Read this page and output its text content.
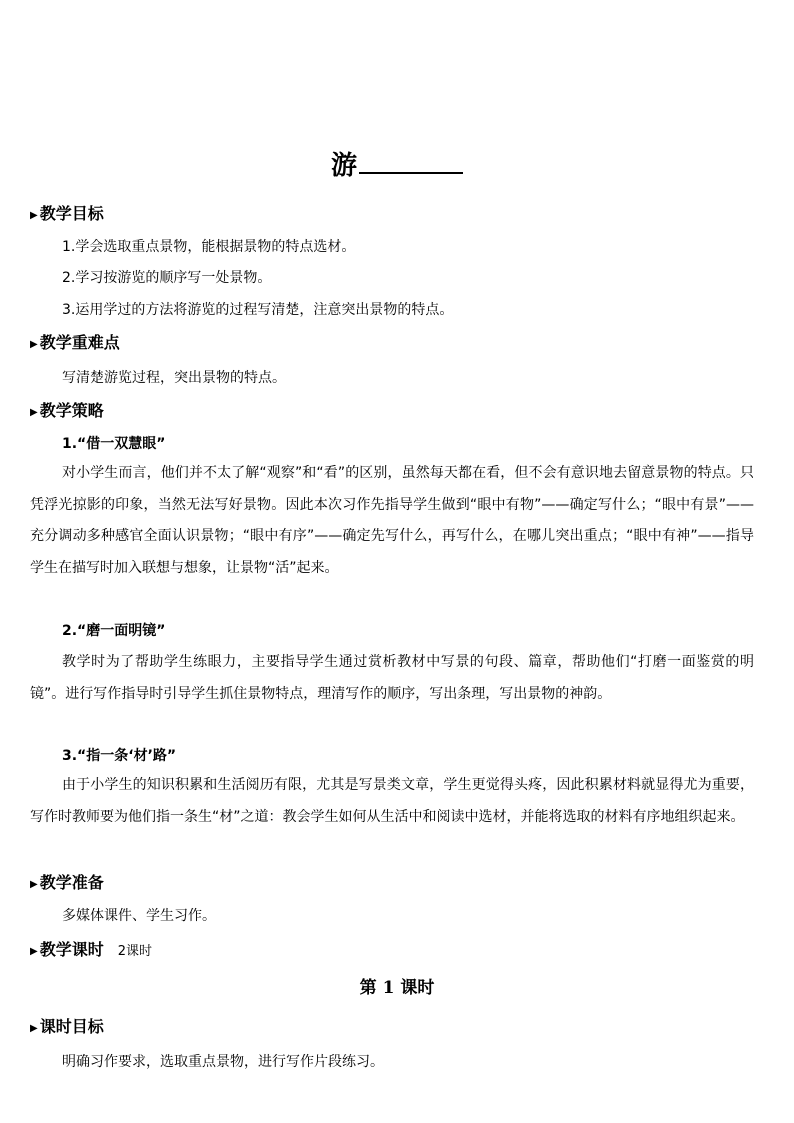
游
▶ 教学目标
1.学会选取重点景物，能根据景物的特点选材。
2.学习按游览的顺序写一处景物。
3.运用学过的方法将游览的过程写清楚，注意突出景物的特点。
▶ 教学重难点
写清楚游览过程，突出景物的特点。
▶ 教学策略
1.“借一双慧眼”
对小学生而言，他们并不太了解“观察”和“看”的区别，虽然每天都在看，但不会有意识地去留意景物的特点。只凭浮光掠影的印象，当然无法写好景物。因此本次习作先指导学生做到“眼中有物”——确定写什么；“眼中有景”——充分调动多种感官全面认识景物；“眼中有序”——确定先写什么，再写什么，在哪儿突出重点；“眼中有神”——指导学生在描写时加入联想与想象，让景物“活”起来。
2.“磨一面明镜”
教学时为了帮助学生练眼力，主要指导学生通过赏析教材中写景的句段、篇章，帮助他们“打磨一面鉴赏的明镜”。进行写作指导时引导学生抓住景物特点，理清写作的顺序，写出条理，写出景物的神韵。
3.“指一条‘材’路”
由于小学生的知识积累和生活阅历有限，尤其是写景类文章，学生更觉得头疼，因此积累材料就显得尤为重要，写作时教师要为他们指一条生“材”之道：教会学生如何从生活中和阅读中选材，并能将选取的材料有序地组织起来。
▶ 教学准备
多媒体课件、学生习作。
▶ 教学课时 2课时
第 1 课时
▶ 课时目标
明确习作要求，选取重点景物，进行写作片段练习。
